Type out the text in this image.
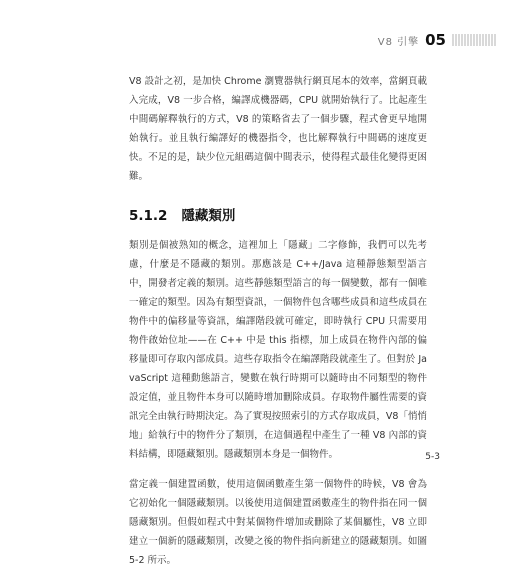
V8 引擎 05

V8 設計之初，是加快 Chrome 瀏覽器執行網頁尾本的效率，當網頁載入完成，V8 一步合格，編譯成機器碼，CPU 就開始執行了。比起產生中間碼解釋執行的方式，V8 的策略省去了一個步驟，程式會更早地開始執行。並且執行編譯好的機器指令，也比解釋執行中間碼的速度更快。不足的是，缺少位元組碼這個中間表示，使得程式最佳化變得更困難。

5.1.2 隱藏類別

類別是個被熟知的概念，這裡加上「隱藏」二字修飾，我們可以先考慮，什麼是不隱藏的類別。那應該是 C++/Java 這種靜態類型語言中，開發者定義的類別。這些靜態類型語言的每一個變數，都有一個唯一確定的類型。因為有類型資訊，一個物件包含哪些成員和這些成員在物件中的偏移量等資訊，編譯階段就可確定，即時執行 CPU 只需要用物件啟始位址——在 C++ 中是 this 指標，加上成員在物件內部的偏移量即可存取內部成員。這些存取指令在編譯階段就產生了。但對於 JavaScript 這種動態語言，變數在執行時期可以隨時由不同類型的物件設定值，並且物件本身可以隨時增加刪除成員。存取物件屬性需要的資訊完全由執行時期決定。為了實現按照索引的方式存取成員，V8「悄悄地」給執行中的物件分了類別，在這個過程中產生了一種 V8 內部的資料結構，即隱藏類別。隱藏類別本身是一個物件。

當定義一個建置函數，使用這個函數產生第一個物件的時候，V8 會為它初始化一個隱藏類別。以後使用這個建置函數產生的物件指在同一個隱藏類別。但假如程式中對某個物件增加或刪除了某個屬性，V8 立即建立一個新的隱藏類別，改變之後的物件指向新建立的隱藏類別。如圖 5-2 所示。

5-3
